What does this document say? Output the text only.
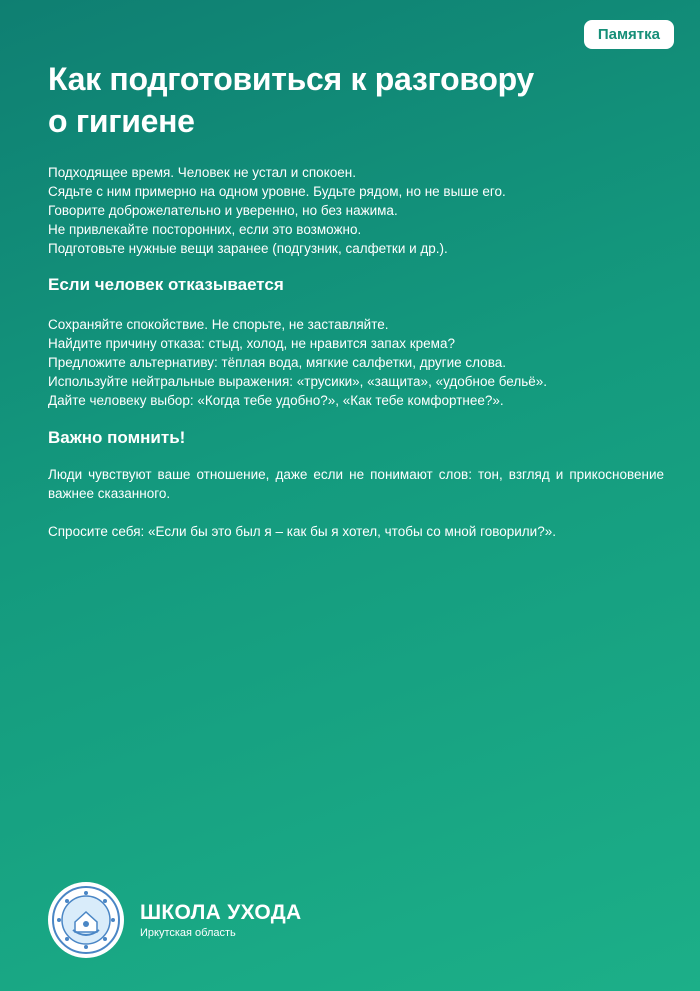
Памятка
Как подготовиться к разговору
о гигиене

Подходящее время. Человек не устал и спокоен.

Сядьте с ним примерно на одном уровне. Будьте рядом, но не выше его.

Говорите доброжелательно и уверенно, но без нажима.

Не привлекайте посторонних, если это возможно.

Подготовьте нужные вещи заранее (подгузник, салфетки и др.).

Если человек отказывается

Сохраняйте спокойствие. Не спорьте, не заставляйте.

Найдите причину отказа: стыд, холод, не нравится запах крема?

Предложите альтернативу: тёплая вода, мягкие салфетки, другие слова.

Используйте нейтральные выражения: «трусики», «защита», «удобное бельё».

Дайте человеку выбор: «Когда тебе удобно?», «Как тебе комфортнее?».

Важно помнить!
Люди чувствуют ваше отношение, даже если не понимают слов: тон, взгляд и прикосновение важнее сказанного.
Спросите себя: «Если бы это был я – как бы я хотел, чтобы со мной говорили?».
ШКОЛА УХОДА
Иркутская область
